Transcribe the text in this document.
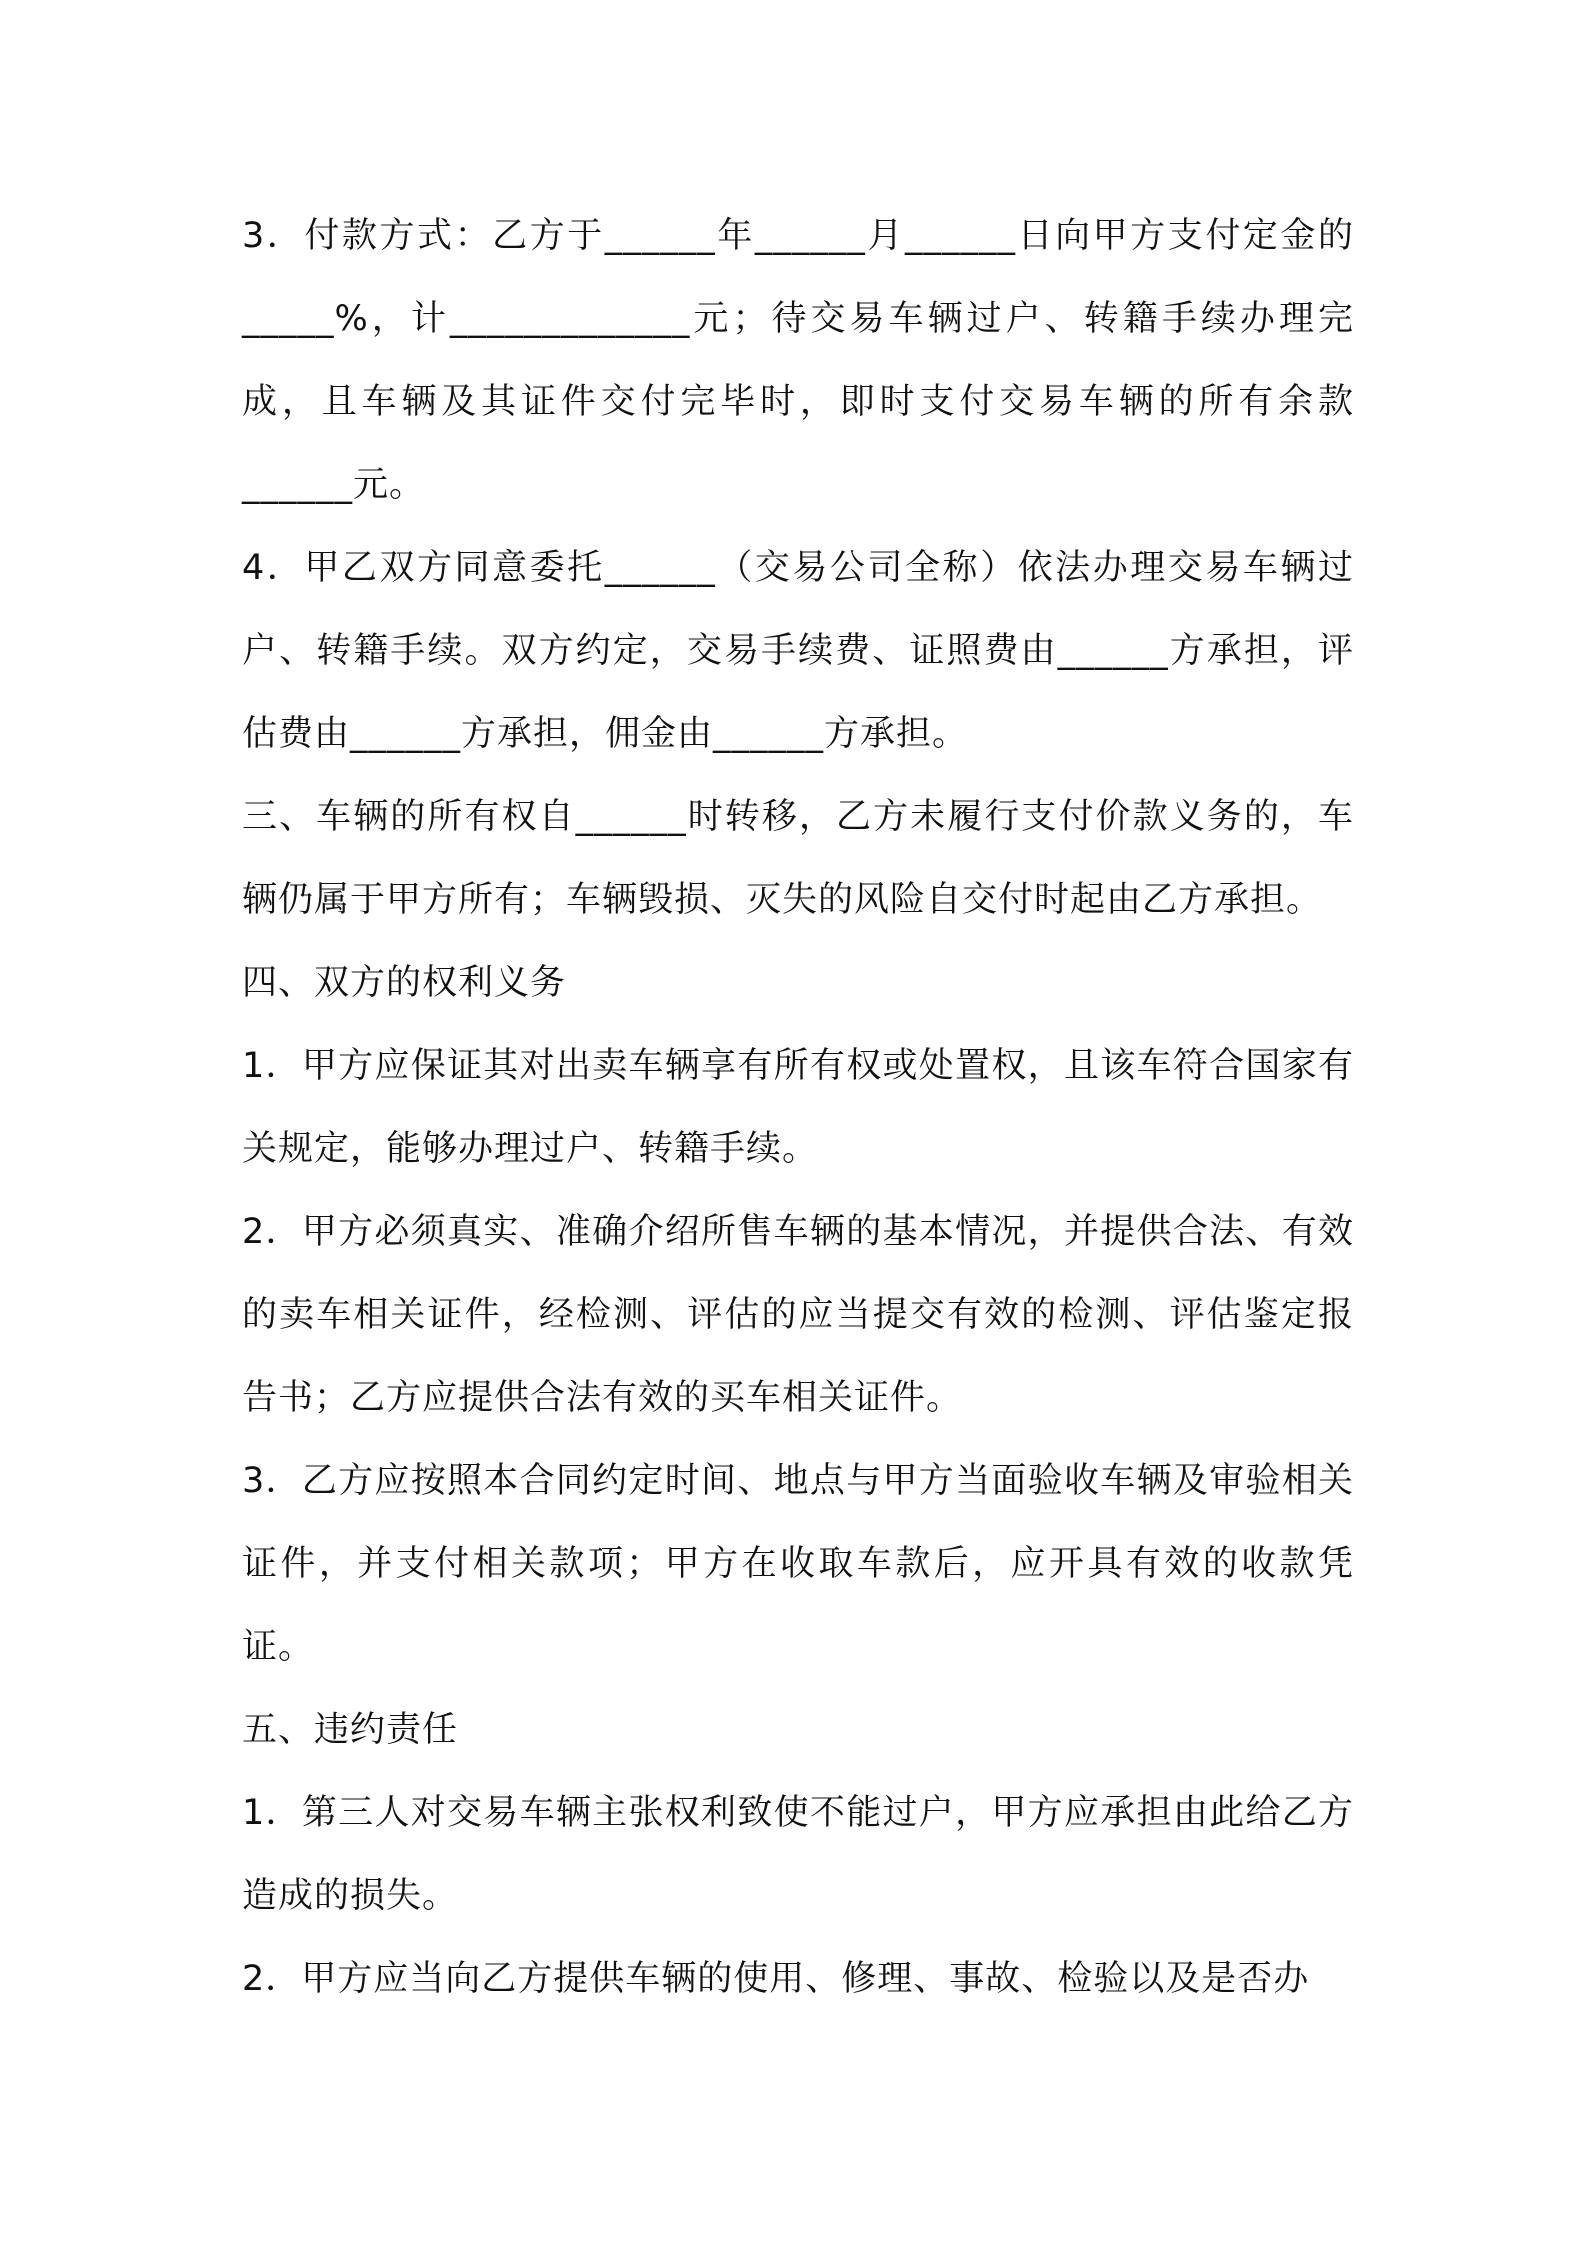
3．付款方式：乙方于______年______月______日向甲方支付定金的_____%，计_____________元；待交易车辆过户、转籍手续办理完成，且车辆及其证件交付完毕时，即时支付交易车辆的所有余款______元。

4．甲乙双方同意委托______（交易公司全称）依法办理交易车辆过户、转籍手续。双方约定，交易手续费、证照费由______方承担，评估费由______方承担，佣金由______方承担。

三、车辆的所有权自______时转移，乙方未履行支付价款义务的，车辆仍属于甲方所有；车辆毁损、灭失的风险自交付时起由乙方承担。

四、双方的权利义务

1．甲方应保证其对出卖车辆享有所有权或处置权，且该车符合国家有关规定，能够办理过户、转籍手续。

2．甲方必须真实、准确介绍所售车辆的基本情况，并提供合法、有效的卖车相关证件，经检测、评估的应当提交有效的检测、评估鉴定报告书；乙方应提供合法有效的买车相关证件。

3．乙方应按照本合同约定时间、地点与甲方当面验收车辆及审验相关证件，并支付相关款项；甲方在收取车款后，应开具有效的收款凭证。

五、违约责任

1．第三人对交易车辆主张权利致使不能过户，甲方应承担由此给乙方造成的损失。

2．甲方应当向乙方提供车辆的使用、修理、事故、检验以及是否办
